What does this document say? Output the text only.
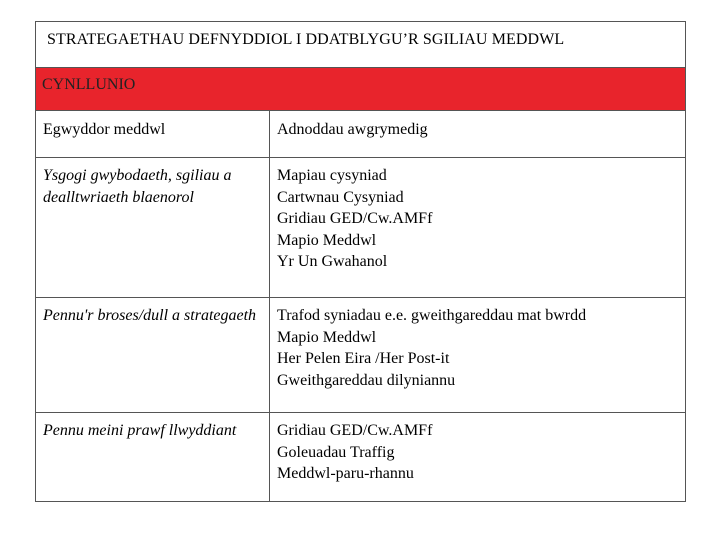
STRATEGAETHAU DEFNYDDIOL I DDATBLYGU’R SGILIAU MEDDWL	
CYNLLUNIO	
Egwyddor meddwl	Adnoddau awgrymedig

Ysgogi gwybodaeth, sgiliau a dealltwriaeth blaenorol	Mapiau cysyniad
Cartwnau Cysyniad
Gridiau GED/Cw.AMFf
Mapio Meddwl
Yr Un Gwahanol

Pennu'r broses/dull a strategaeth	Trafod syniadau e.e. gweithgareddau mat bwrdd
Mapio Meddwl
Her Pelen Eira /Her Post-it
Gweithgareddau dilyniannu

Pennu meini prawf llwyddiant	Gridiau GED/Cw.AMFf
Goleuadau Traffig
Meddwl-paru-rhannu
